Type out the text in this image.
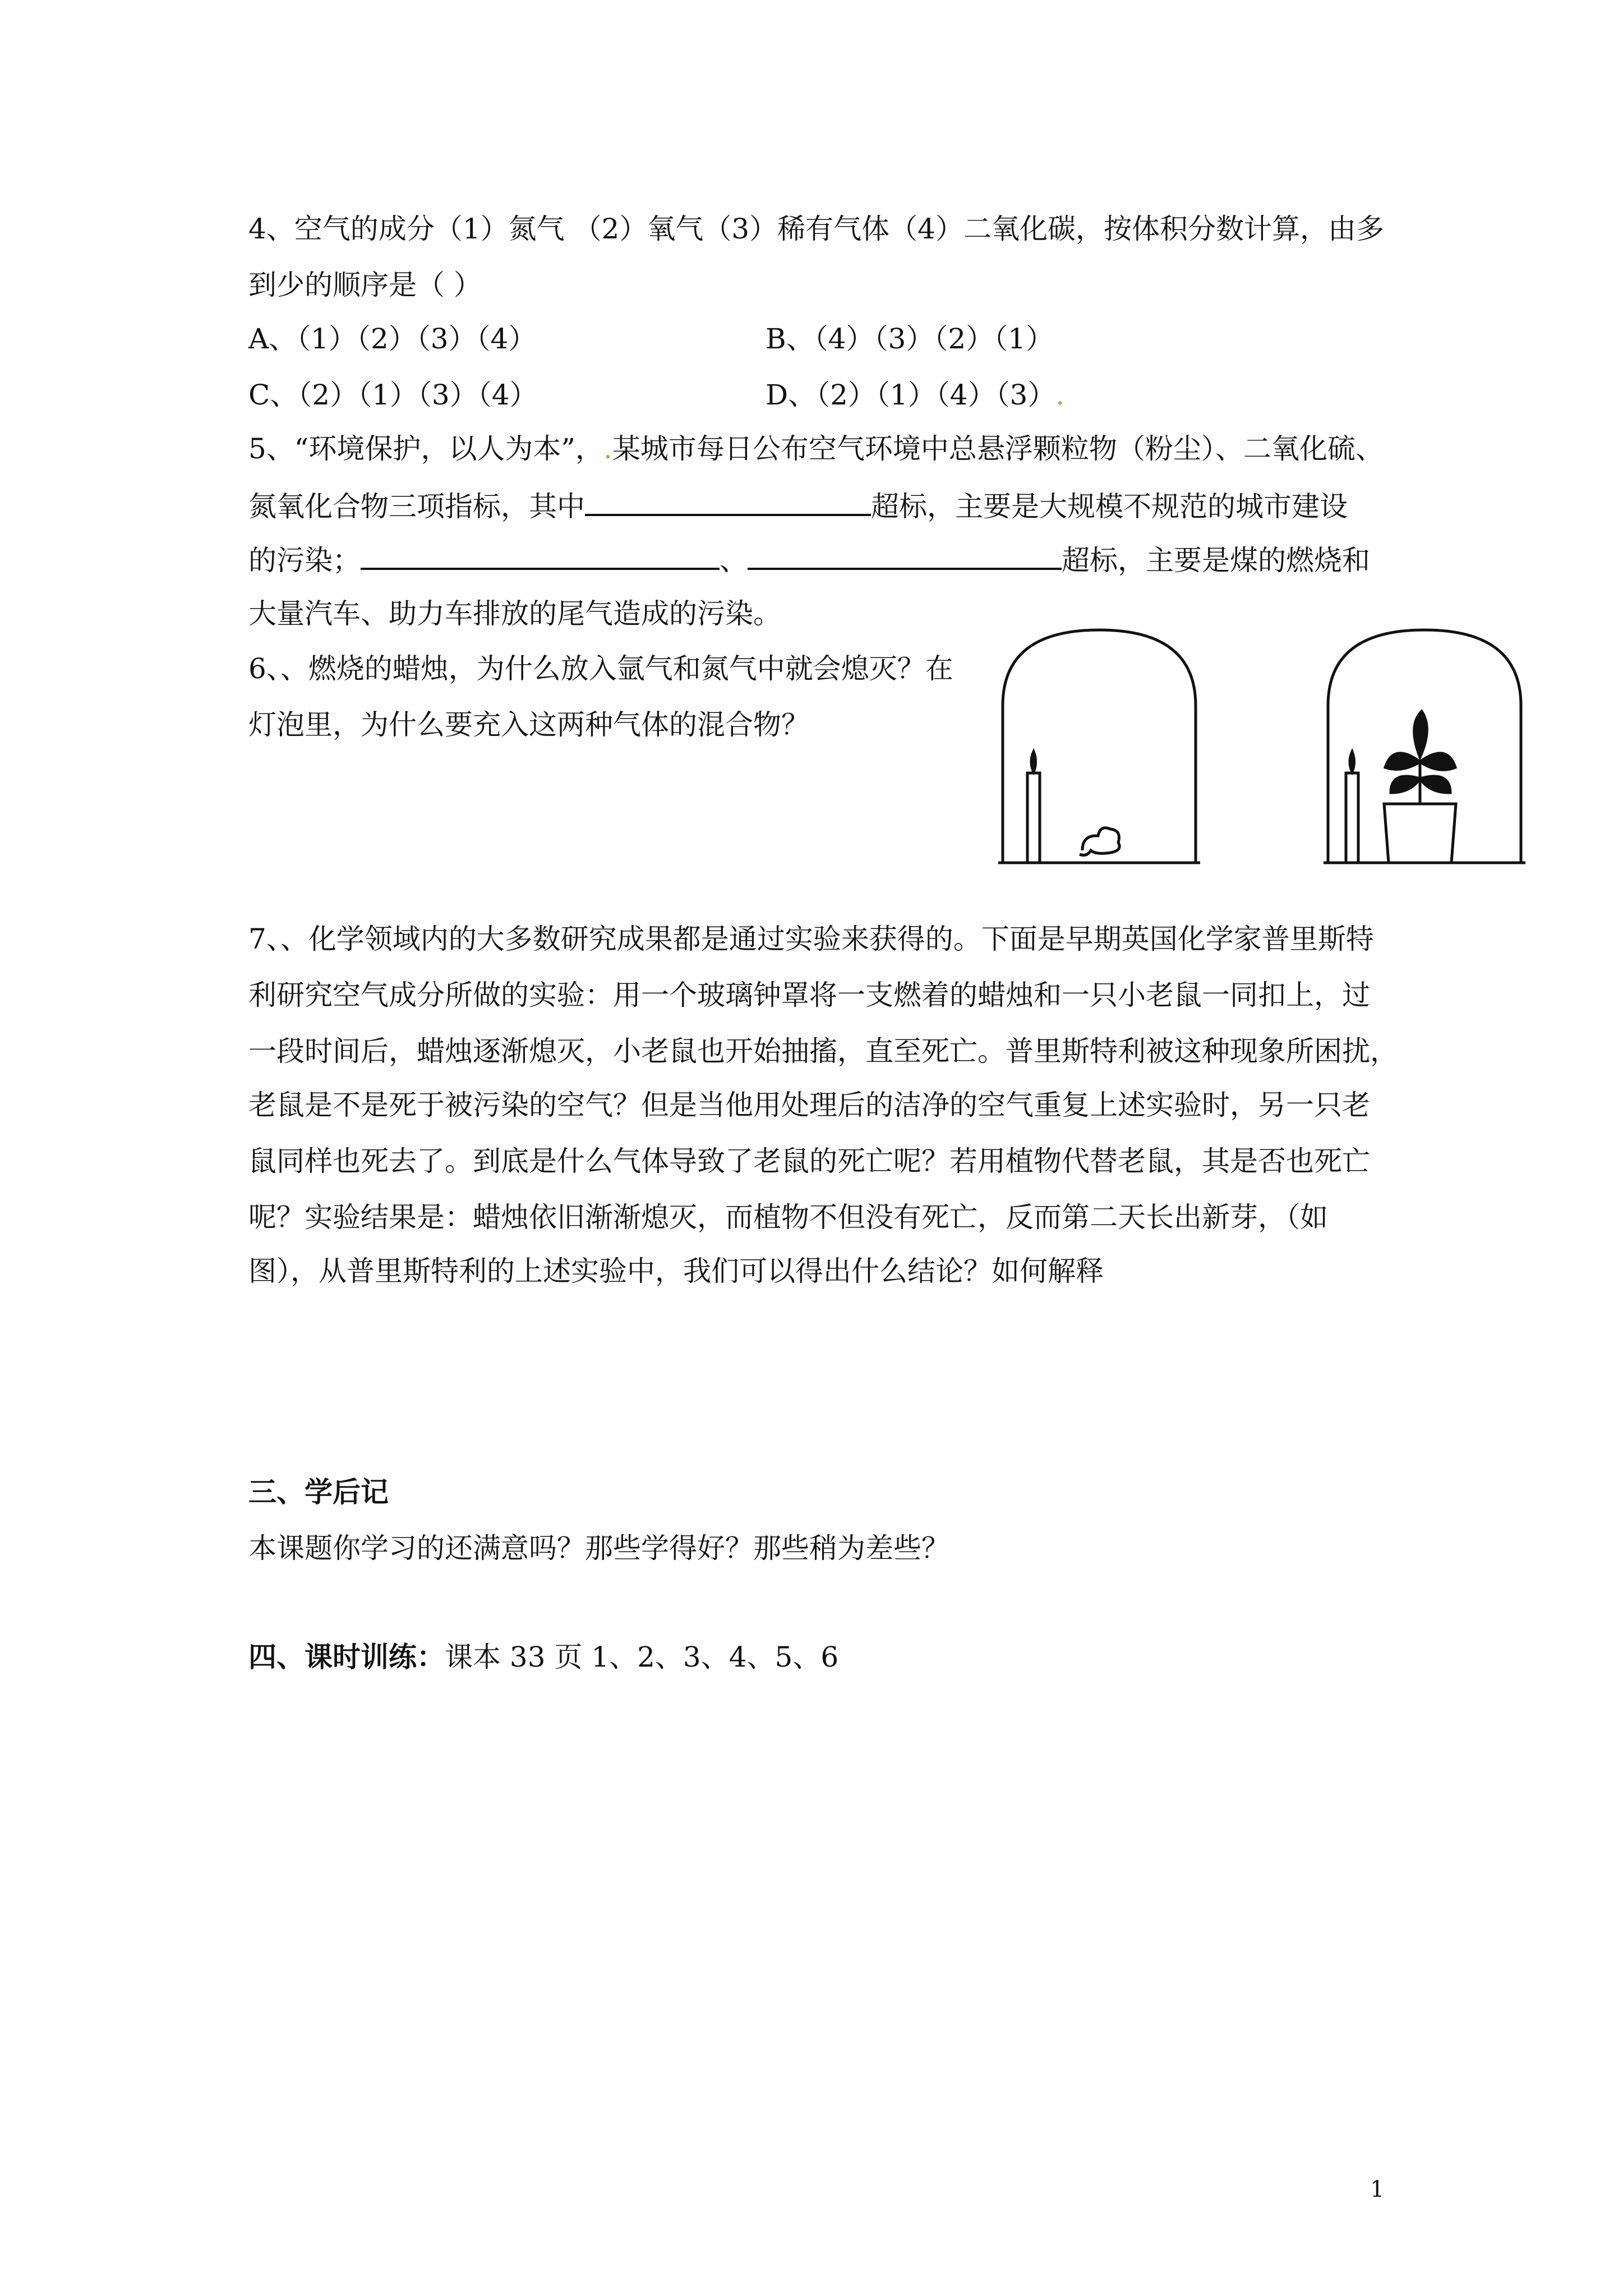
4、空气的成分（1）氮气 （2）氧气（3）稀有气体（4）二氧化碳，按体积分数计算，由多
到少的顺序是（ ）
A、（1）（2）（3）（4）	B、（4）（3）（2）（1）
C、（2）（1）（3）（4）	D、（2）（1）（4）（3）.
5、“环境保护，以人为本”，.某城市每日公布空气环境中总悬浮颗粒物（粉尘）、二氧化硫、
氮氧化合物三项指标，其中	超标，主要是大规模不规范的城市建设
的污染；	、	超标，主要是煤的燃烧和
大量汽车、助力车排放的尾气造成的污染。
6、、燃烧的蜡烛，为什么放入氩气和氮气中就会熄灭？在
灯泡里，为什么要充入这两种气体的混合物？
7、、化学领域内的大多数研究成果都是通过实验来获得的。下面是早期英国化学家普里斯特
利研究空气成分所做的实验：用一个玻璃钟罩将一支燃着的蜡烛和一只小老鼠一同扣上，过
一段时间后，蜡烛逐渐熄灭，小老鼠也开始抽搐，直至死亡。普里斯特利被这种现象所困扰，
老鼠是不是死于被污染的空气？但是当他用处理后的洁净的空气重复上述实验时，另一只老
鼠同样也死去了。到底是什么气体导致了老鼠的死亡呢？若用植物代替老鼠，其是否也死亡
呢？实验结果是：蜡烛依旧渐渐熄灭，而植物不但没有死亡，反而第二天长出新芽，（如
图），从普里斯特利的上述实验中，我们可以得出什么结论？如何解释
三、学后记
本课题你学习的还满意吗？那些学得好？那些稍为差些？
四、课时训练：课本 33 页 1、2、3、4、5、6
1
